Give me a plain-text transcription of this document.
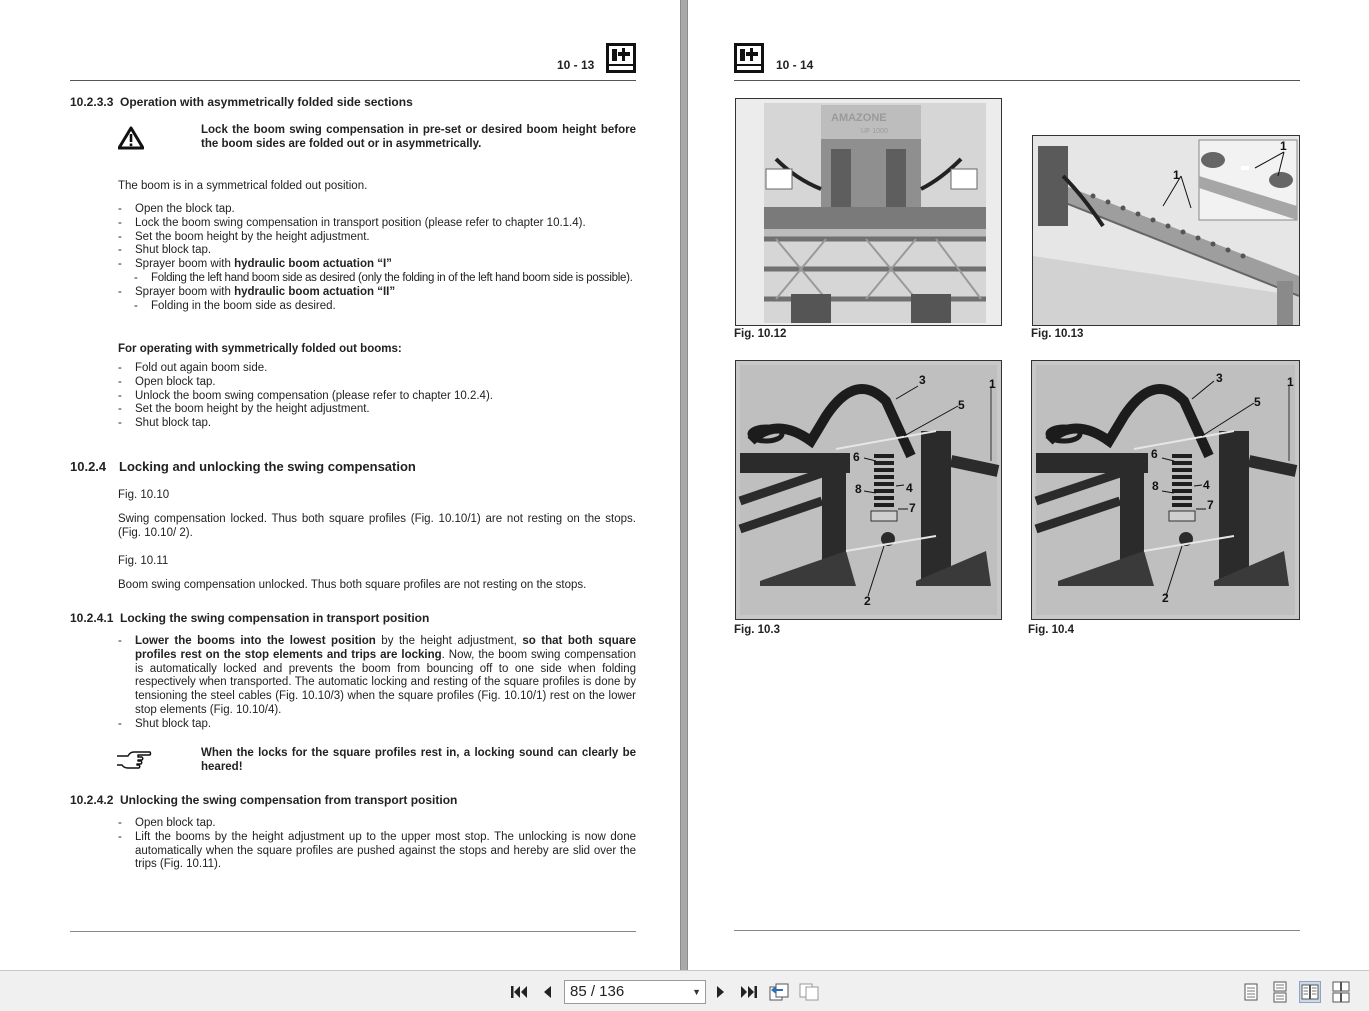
10 - 13
10.2.3.3 Operation with asymmetrically folded side sections
Lock the boom swing compensation in pre-set or desired boom height before the boom sides are folded out or in asymmetrically.
The boom is in a symmetrical folded out position.
- Open the block tap.
- Lock the boom swing compensation in transport position (please refer to chapter 10.1.4).
- Set the boom height by the height adjustment.
- Shut block tap.
- Sprayer boom with hydraulic boom actuation “I”
- Folding the left hand boom side as desired (only the folding in of the left hand boom side is possible).
- Sprayer boom with hydraulic boom actuation “II”
- Folding in the boom side as desired.
For operating with symmetrically folded out booms:
- Fold out again boom side.
- Open block tap.
- Unlock the boom swing compensation (please refer to chapter 10.2.4).
- Set the boom height by the height adjustment.
- Shut block tap.
10.2.4 Locking and unlocking the swing compensation
Fig. 10.10
Swing compensation locked. Thus both square profiles (Fig. 10.10/1) are not resting on the stops. (Fig. 10.10/ 2).
Fig. 10.11
Boom swing compensation unlocked. Thus both square profiles are not resting on the stops.
10.2.4.1 Locking the swing compensation in transport position
- Lower the booms into the lowest position by the height adjustment, so that both square profiles rest on the stop elements and trips are locking. Now, the boom swing compensation is automatically locked and prevents the boom from bouncing off to one side when folding respectively when transported. The automatic locking and resting of the square profiles is done by tensioning the steel cables (Fig. 10.10/3) when the square profiles (Fig. 10.10/1) rest on the lower stop elements (Fig. 10.10/4).
- Shut block tap.
When the locks for the square profiles rest in, a locking sound can clearly be heared!
10.2.4.2 Unlocking the swing compensation from transport position
- Open block tap.
- Lift the booms by the height adjustment up to the upper most stop. The unlocking is now done automatically when the square profiles are pushed against the stops and hereby are slid over the trips (Fig. 10.11).
10 - 14
AMAZONE
UF 1000
Fig. 10.12
1
1
Fig. 10.13
1
2
3
4
5
6
7
8
Fig. 10.3
1
2
3
4
5
6
7
8
Fig. 10.4
85 / 136	▼
